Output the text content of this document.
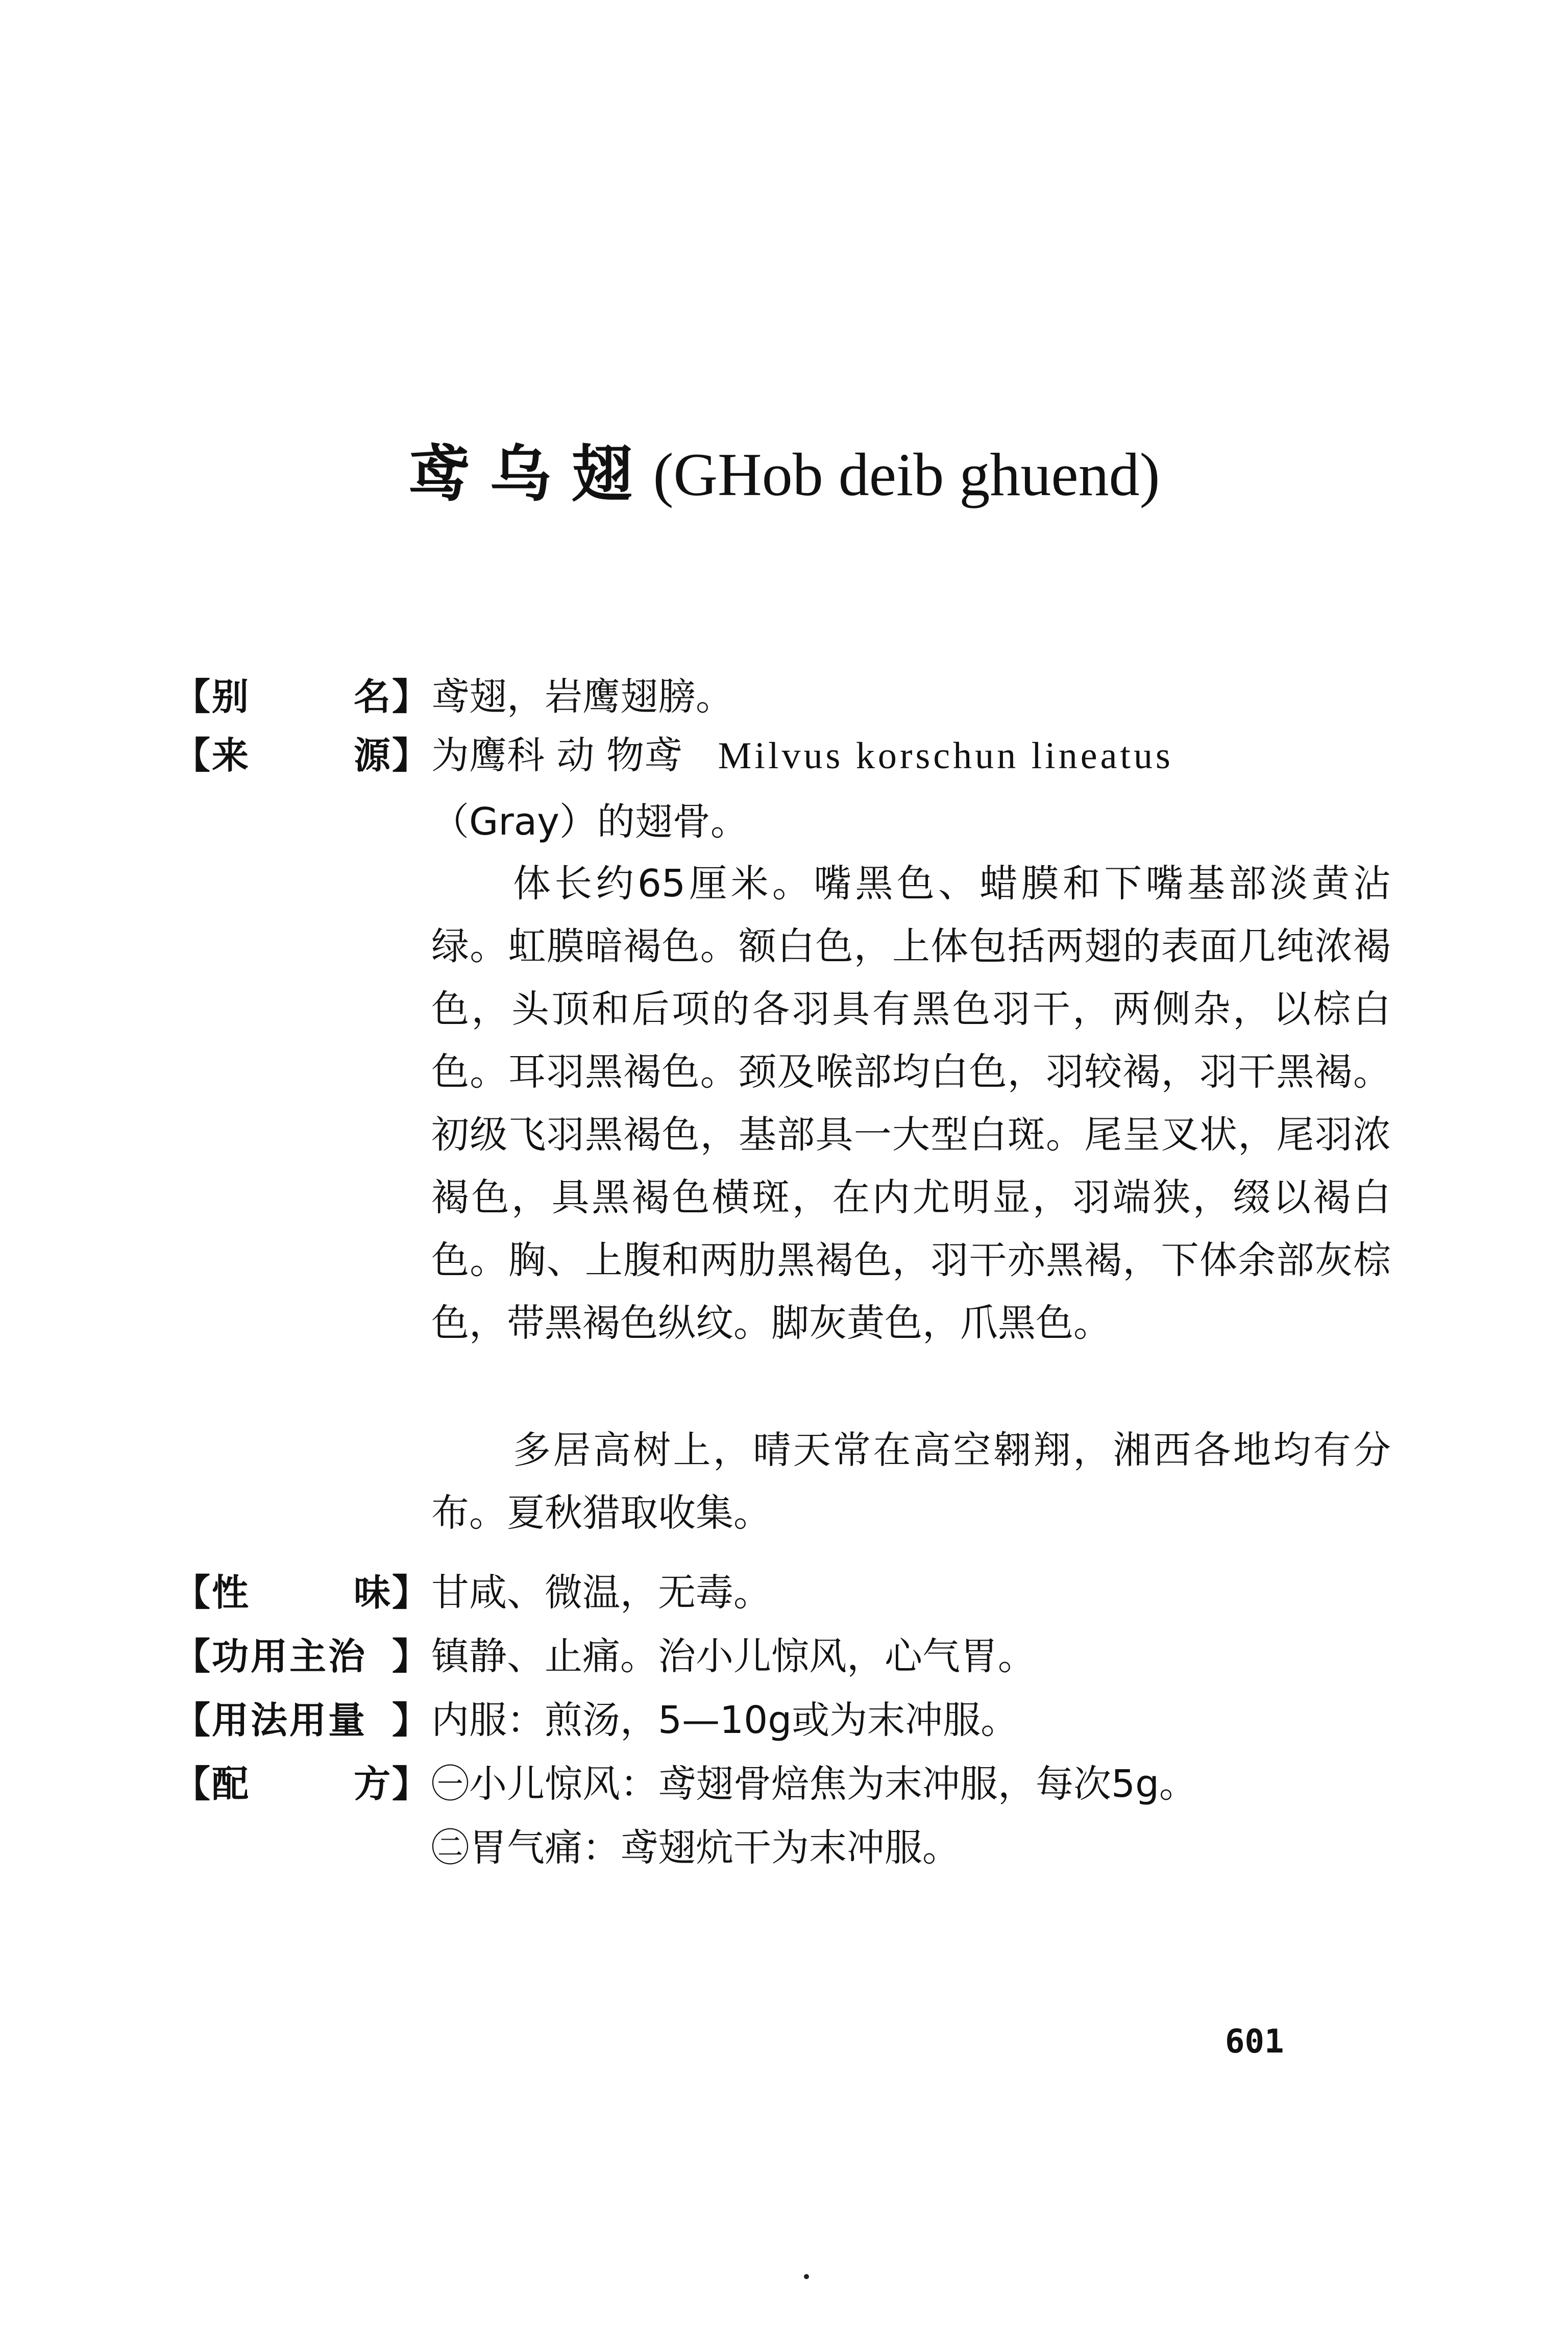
鸢乌翅(GHob deib ghuend)
【 别	名 】 鸢翅，岩鹰翅膀。
【 来	源 】 为鹰科 动 物鸢 Milvus korschun lineatus
（Gray）的翅骨。
体长约65厘米。嘴黑色、蜡膜和下嘴基部淡黄沾绿。虹膜暗褐色。额白色，上体包括两翅的表面几纯浓褐色，头顶和后项的各羽具有黑色羽干，两侧杂，以棕白色。耳羽黑褐色。颈及喉部均白色，羽较褐，羽干黑褐。初级飞羽黑褐色，基部具一大型白斑。尾呈叉状，尾羽浓褐色，具黑褐色横斑，在内尤明显，羽端狭，缀以褐白色。胸、上腹和两肋黑褐色，羽干亦黑褐，下体余部灰棕色，带黑褐色纵纹。脚灰黄色，爪黑色。
多居高树上，晴天常在高空翱翔，湘西各地均有分布。夏秋猎取收集。
【 性	味 】 甘咸、微温，无毒。
【 功用主治 】 镇静、止痛。治小儿惊风，心气胃。
【 用法用量 】 内服：煎汤，5—10g或为末冲服。
【 配	方 】 ㊀小儿惊风：鸢翅骨焙焦为末冲服，每次5g。
㊁胃气痛：鸢翅炕干为末冲服。
601
